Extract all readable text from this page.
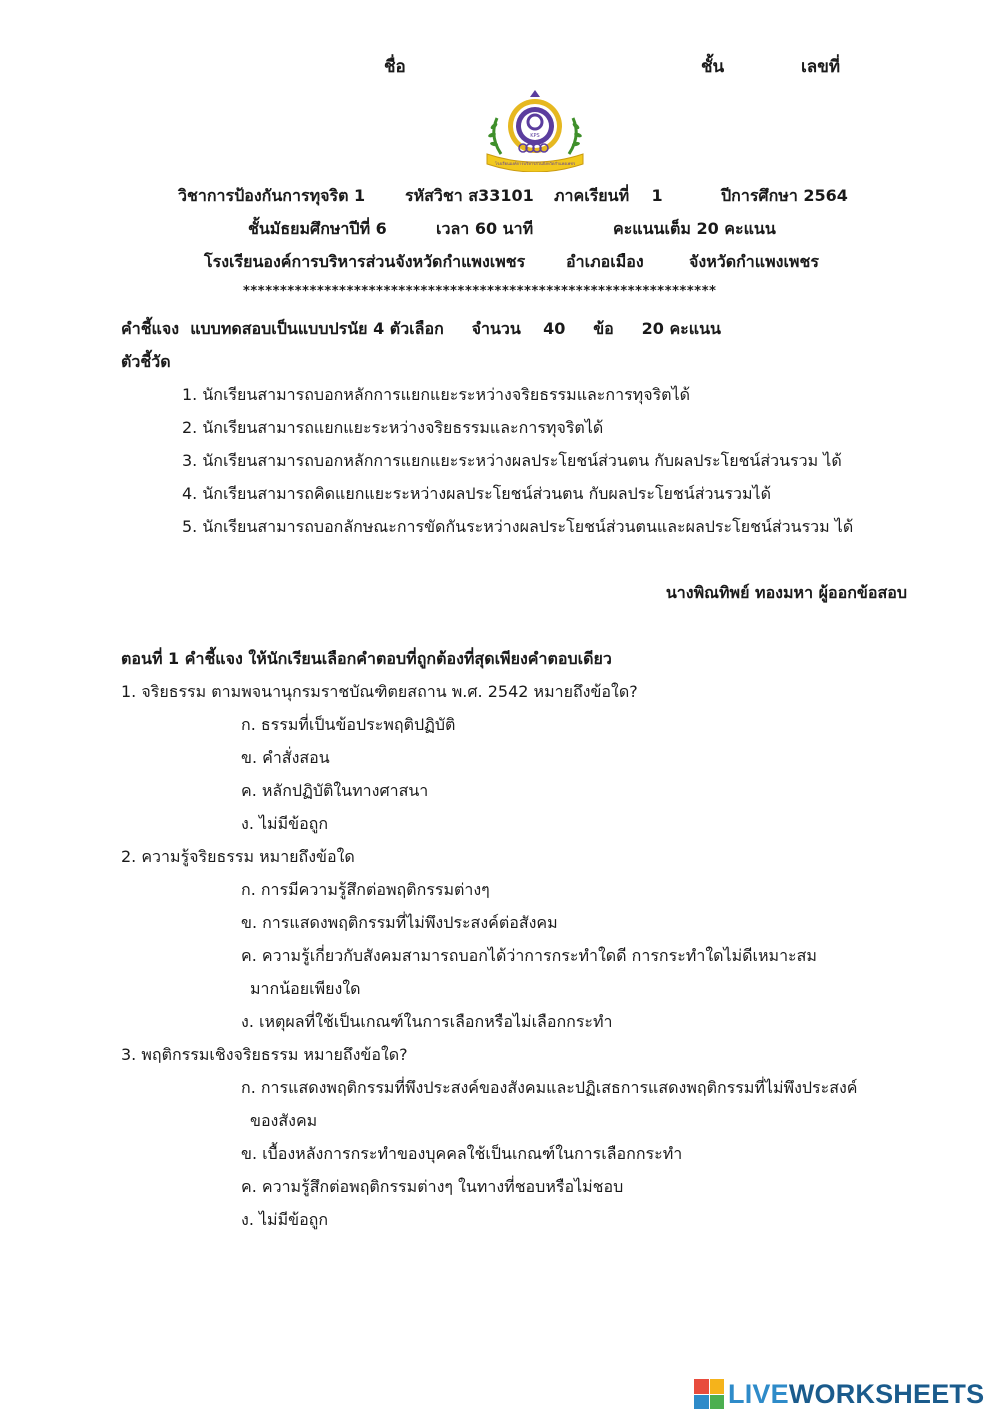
ชื่อ	ชั้น	เลขที่
KPS
โรงเรียนองค์การบริหารส่วนจังหวัดกำแพงเพชร
วิชาการป้องกันการทุจริต 1 รหัสวิชา ส33101 ภาคเรียนที่    1	ปีการศึกษา 2564
ชั้นมัธยมศึกษาปีที่ 6	เวลา 60 นาที	คะแนนเต็ม 20 คะแนน
โรงเรียนองค์การบริหารส่วนจังหวัดกำแพงเพชร	อำเภอเมือง	จังหวัดกำแพงเพชร
****************************************************************
คำชี้แจง  แบบทดสอบเป็นแบบปรนัย 4 ตัวเลือก     จำนวน    40     ข้อ     20 คะแนน
ตัวชี้วัด
1. นักเรียนสามารถบอกหลักการแยกแยะระหว่างจริยธรรมและการทุจริตได้
2. นักเรียนสามารถแยกแยะระหว่างจริยธรรมและการทุจริตได้
3. นักเรียนสามารถบอกหลักการแยกแยะระหว่างผลประโยชน์ส่วนตน กับผลประโยชน์ส่วนรวม ได้
4. นักเรียนสามารถคิดแยกแยะระหว่างผลประโยชน์ส่วนตน กับผลประโยชน์ส่วนรวมได้
5. นักเรียนสามารถบอกลักษณะการขัดกันระหว่างผลประโยชน์ส่วนตนและผลประโยชน์ส่วนรวม ได้
นางพิณทิพย์ ทองมหา ผู้ออกข้อสอบ
ตอนที่ 1 คำชี้แจง ให้นักเรียนเลือกคำตอบที่ถูกต้องที่สุดเพียงคำตอบเดียว
1. จริยธรรม ตามพจนานุกรมราชบัณฑิตยสถาน พ.ศ. 2542 หมายถึงข้อใด?
ก. ธรรมที่เป็นข้อประพฤติปฏิบัติ
ข. คำสั่งสอน
ค. หลักปฏิบัติในทางศาสนา
ง. ไม่มีข้อถูก
2. ความรู้จริยธรรม หมายถึงข้อใด
ก. การมีความรู้สึกต่อพฤติกรรมต่างๆ
ข. การแสดงพฤติกรรมที่ไม่พึงประสงค์ต่อสังคม
ค. ความรู้เกี่ยวกับสังคมสามารถบอกได้ว่าการกระทำใดดี การกระทำใดไม่ดีเหมาะสม
มากน้อยเพียงใด
ง. เหตุผลที่ใช้เป็นเกณฑ์ในการเลือกหรือไม่เลือกกระทำ
3. พฤติกรรมเชิงจริยธรรม หมายถึงข้อใด?
ก. การแสดงพฤติกรรมที่พึงประสงค์ของสังคมและปฏิเสธการแสดงพฤติกรรมที่ไม่พึงประสงค์
ของสังคม
ข. เบื้องหลังการกระทำของบุคคลใช้เป็นเกณฑ์ในการเลือกกระทำ
ค. ความรู้สึกต่อพฤติกรรมต่างๆ ในทางที่ชอบหรือไม่ชอบ
ง. ไม่มีข้อถูก
LIVEWORKSHEETS
